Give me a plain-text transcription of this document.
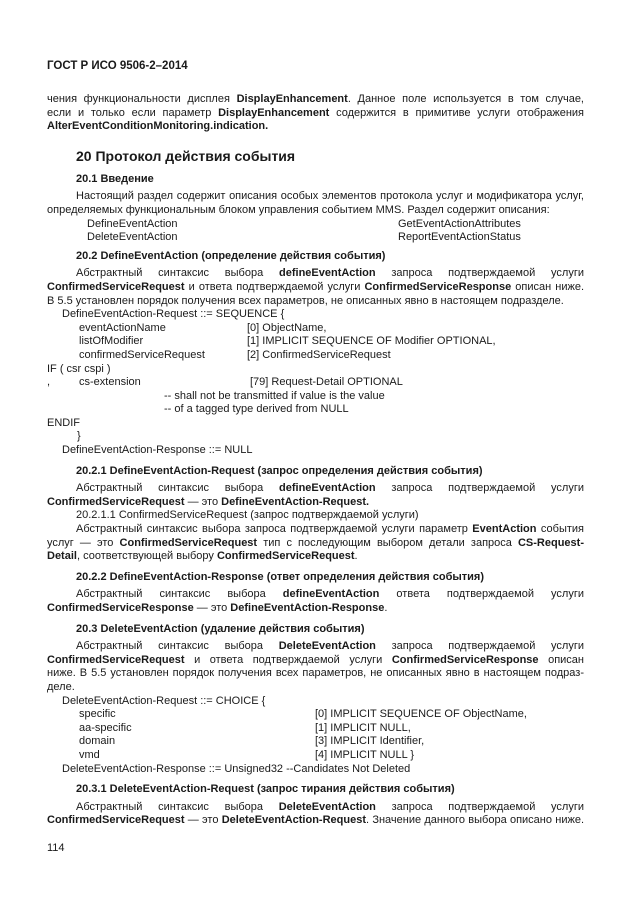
ГОСТ Р ИСО 9506-2–2014

чения функциональности дисплея DisplayEnhancement. Данное поле используется в том случае,

если и только если параметр DisplayEnhancement содержится в примитиве услуги отображения

AlterEventConditionMonitoring.indication.

20 Протокол действия события
20.1 Введение

Настоящий раздел содержит описания особых элементов протокола услуг и модификатора услуг,

определяемых функциональным блоком управления событием MMS. Раздел содержит описания:

DefineEventAction	GetEventActionAttributes
DeleteEventAction	ReportEventActionStatus
20.2 DefineEventAction (определение действия события)

Абстрактный синтаксис выбора defineEventAction запроса подтверждаемой услуги

ConfirmedServiceRequest и ответа подтверждаемой услуги ConfirmedServiceResponse описан ниже.

В 5.5 установлен порядок получения всех параметров, не описанных явно в настоящем подразделе.

DefineEventAction-Request ::= SEQUENCE {
eventActionName	[0] ObjectName,
listOfModifier	[1] IMPLICIT SEQUENCE OF Modifier OPTIONAL,
confirmedServiceRequest	[2] ConfirmedServiceRequest
IF ( csr cspi )
,	cs-extension	[79] Request-Detail OPTIONAL
-- shall not be transmitted if value is the value
-- of a tagged type derived from NULL
ENDIF
}
DefineEventAction-Response ::= NULL
20.2.1 DefineEventAction-Request (запрос определения действия события)

Абстрактный синтаксис выбора defineEventAction запроса подтверждаемой услуги

ConfirmedServiceRequest — это DefineEventAction-Request.

20.2.1.1 ConfirmedServiceRequest (запрос подтверждаемой услуги)

Абстрактный синтаксис выбора запроса подтверждаемой услуги параметр EventAction события

услуг — это ConfirmedServiceRequest тип с последующим выбором детали запроса CS-Request-

Detail, соответствующей выбору ConfirmedServiceRequest.

20.2.2 DefineEventAction-Response (ответ определения действия события)

Абстрактный синтаксис выбора defineEventAction ответа подтверждаемой услуги

ConfirmedServiceResponse — это DefineEventAction-Response.

20.3 DeleteEventAction (удаление действия события)

Абстрактный синтаксис выбора DeleteEventAction запроса подтверждаемой услуги

ConfirmedServiceRequest и ответа подтверждаемой услуги ConfirmedServiceResponse описан

ниже. В 5.5 установлен порядок получения всех параметров, не описанных явно в настоящем подраз-

деле.

DeleteEventAction-Request ::= CHOICE {
specific	[0] IMPLICIT SEQUENCE OF ObjectName,
aa-specific	[1] IMPLICIT NULL,
domain	[3] IMPLICIT Identifier,
vmd	[4] IMPLICIT NULL }
DeleteEventAction-Response ::= Unsigned32 --Candidates Not Deleted
20.3.1 DeleteEventAction-Request (запрос тирания действия события)

Абстрактный синтаксис выбора DeleteEventAction запроса подтверждаемой услуги

ConfirmedServiceRequest — это DeleteEventAction-Request. Значение данного выбора описано ниже.

114
